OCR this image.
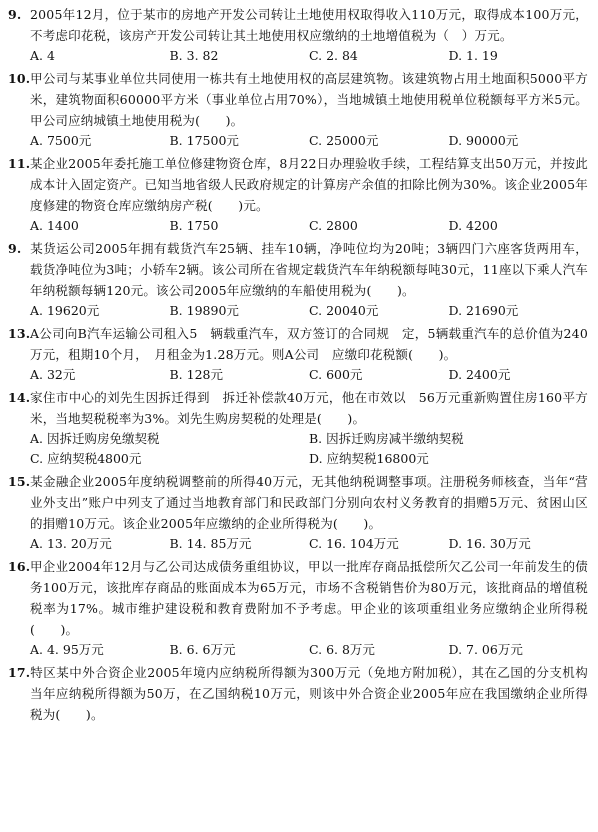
9. 2005年12月，位于某市的房地产开发公司转让土地使用权取得收入110万元，取得成本100万元，不考虑印花税，该房产开发公司转让其土地使用权应缴纳的土地增值税为（　）万元。
A. 4	B. 3. 82	C. 2. 84	D. 1. 19
10.甲公司与某事业单位共同使用一栋共有土地使用权的高层建筑物。该建筑物占用土地面积5000平方米，建筑物面积60000平方米（事业单位占用70%），当地城镇土地使用税单位税额每平方米5元。甲公司应纳城镇土地使用税为(　　)。
A. 7500元	B. 17500元	C. 25000元	D. 90000元
11.某企业2005年委托施工单位修建物资仓库，8月22日办理验收手续，工程结算支出50万元，并按此成本计入固定资产。已知当地省级人民政府规定的计算房产余值的扣除比例为30%。该企业2005年度修建的物资仓库应缴纳房产税(　　)元。
A. 1400	B. 1750	C. 2800	D. 4200
9. 某货运公司2005年拥有载货汽车25辆、挂车10辆，净吨位均为20吨；3辆四门六座客货两用车，载货净吨位为3吨；小轿车2辆。该公司所在省规定载货汽车年纳税额每吨30元，11座以下乘人汽车年纳税额每辆120元。该公司2005年应缴纳的车船使用税为(　　)。
A. 19620元	B. 19890元	C. 20040元	D. 21690元
13.A公司向B汽车运输公司租入5　辆载重汽车，双方签订的合同规　定，5辆载重汽车的总价值为240万元，租期10个月，　月租金为1.28万元。则A公司　应缴印花税额(　　)。
A. 32元	B. 128元	C. 600元	D. 2400元
14.家住市中心的刘先生因拆迁得到　拆迁补偿款40万元，他在市效以　56万元重新购置住房160平方米，当地契税税率为3%。刘先生购房契税的处理是(　　)。
A. 因拆迁购房免缴契税	B. 因拆迁购房减半缴纳契税
C. 应纳契税4800元	D. 应纳契税16800元
15.某金融企业2005年度纳税调整前的所得40万元，无其他纳税调整事项。注册税务师核查，当年“营业外支出”账户中列支了通过当地教育部门和民政部门分别向农村义务教育的捐赠5万元、贫困山区的捐赠10万元。该企业2005年应缴纳的企业所得税为(　　)。
A. 13. 20万元	B. 14. 85万元	C. 16. 104万元	D. 16. 30万元
16.甲企业2004年12月与乙公司达成债务重组协议，甲以一批库存商品抵偿所欠乙公司一年前发生的债务100万元，该批库存商品的账面成本为65万元，市场不含税销售价为80万元，该批商品的增值税税率为17%。城市维护建设税和教育费附加不予考虑。甲企业的该项重组业务应缴纳企业所得税(　　)。
A. 4. 95万元	B. 6. 6万元	C. 6. 8万元	D. 7. 06万元
17.特区某中外合资企业2005年境内应纳税所得额为300万元（免地方附加税），其在乙国的分支机构当年应纳税所得额为50万，在乙国纳税10万元，则该中外合资企业2005年应在我国缴纳企业所得税为(　　)。
